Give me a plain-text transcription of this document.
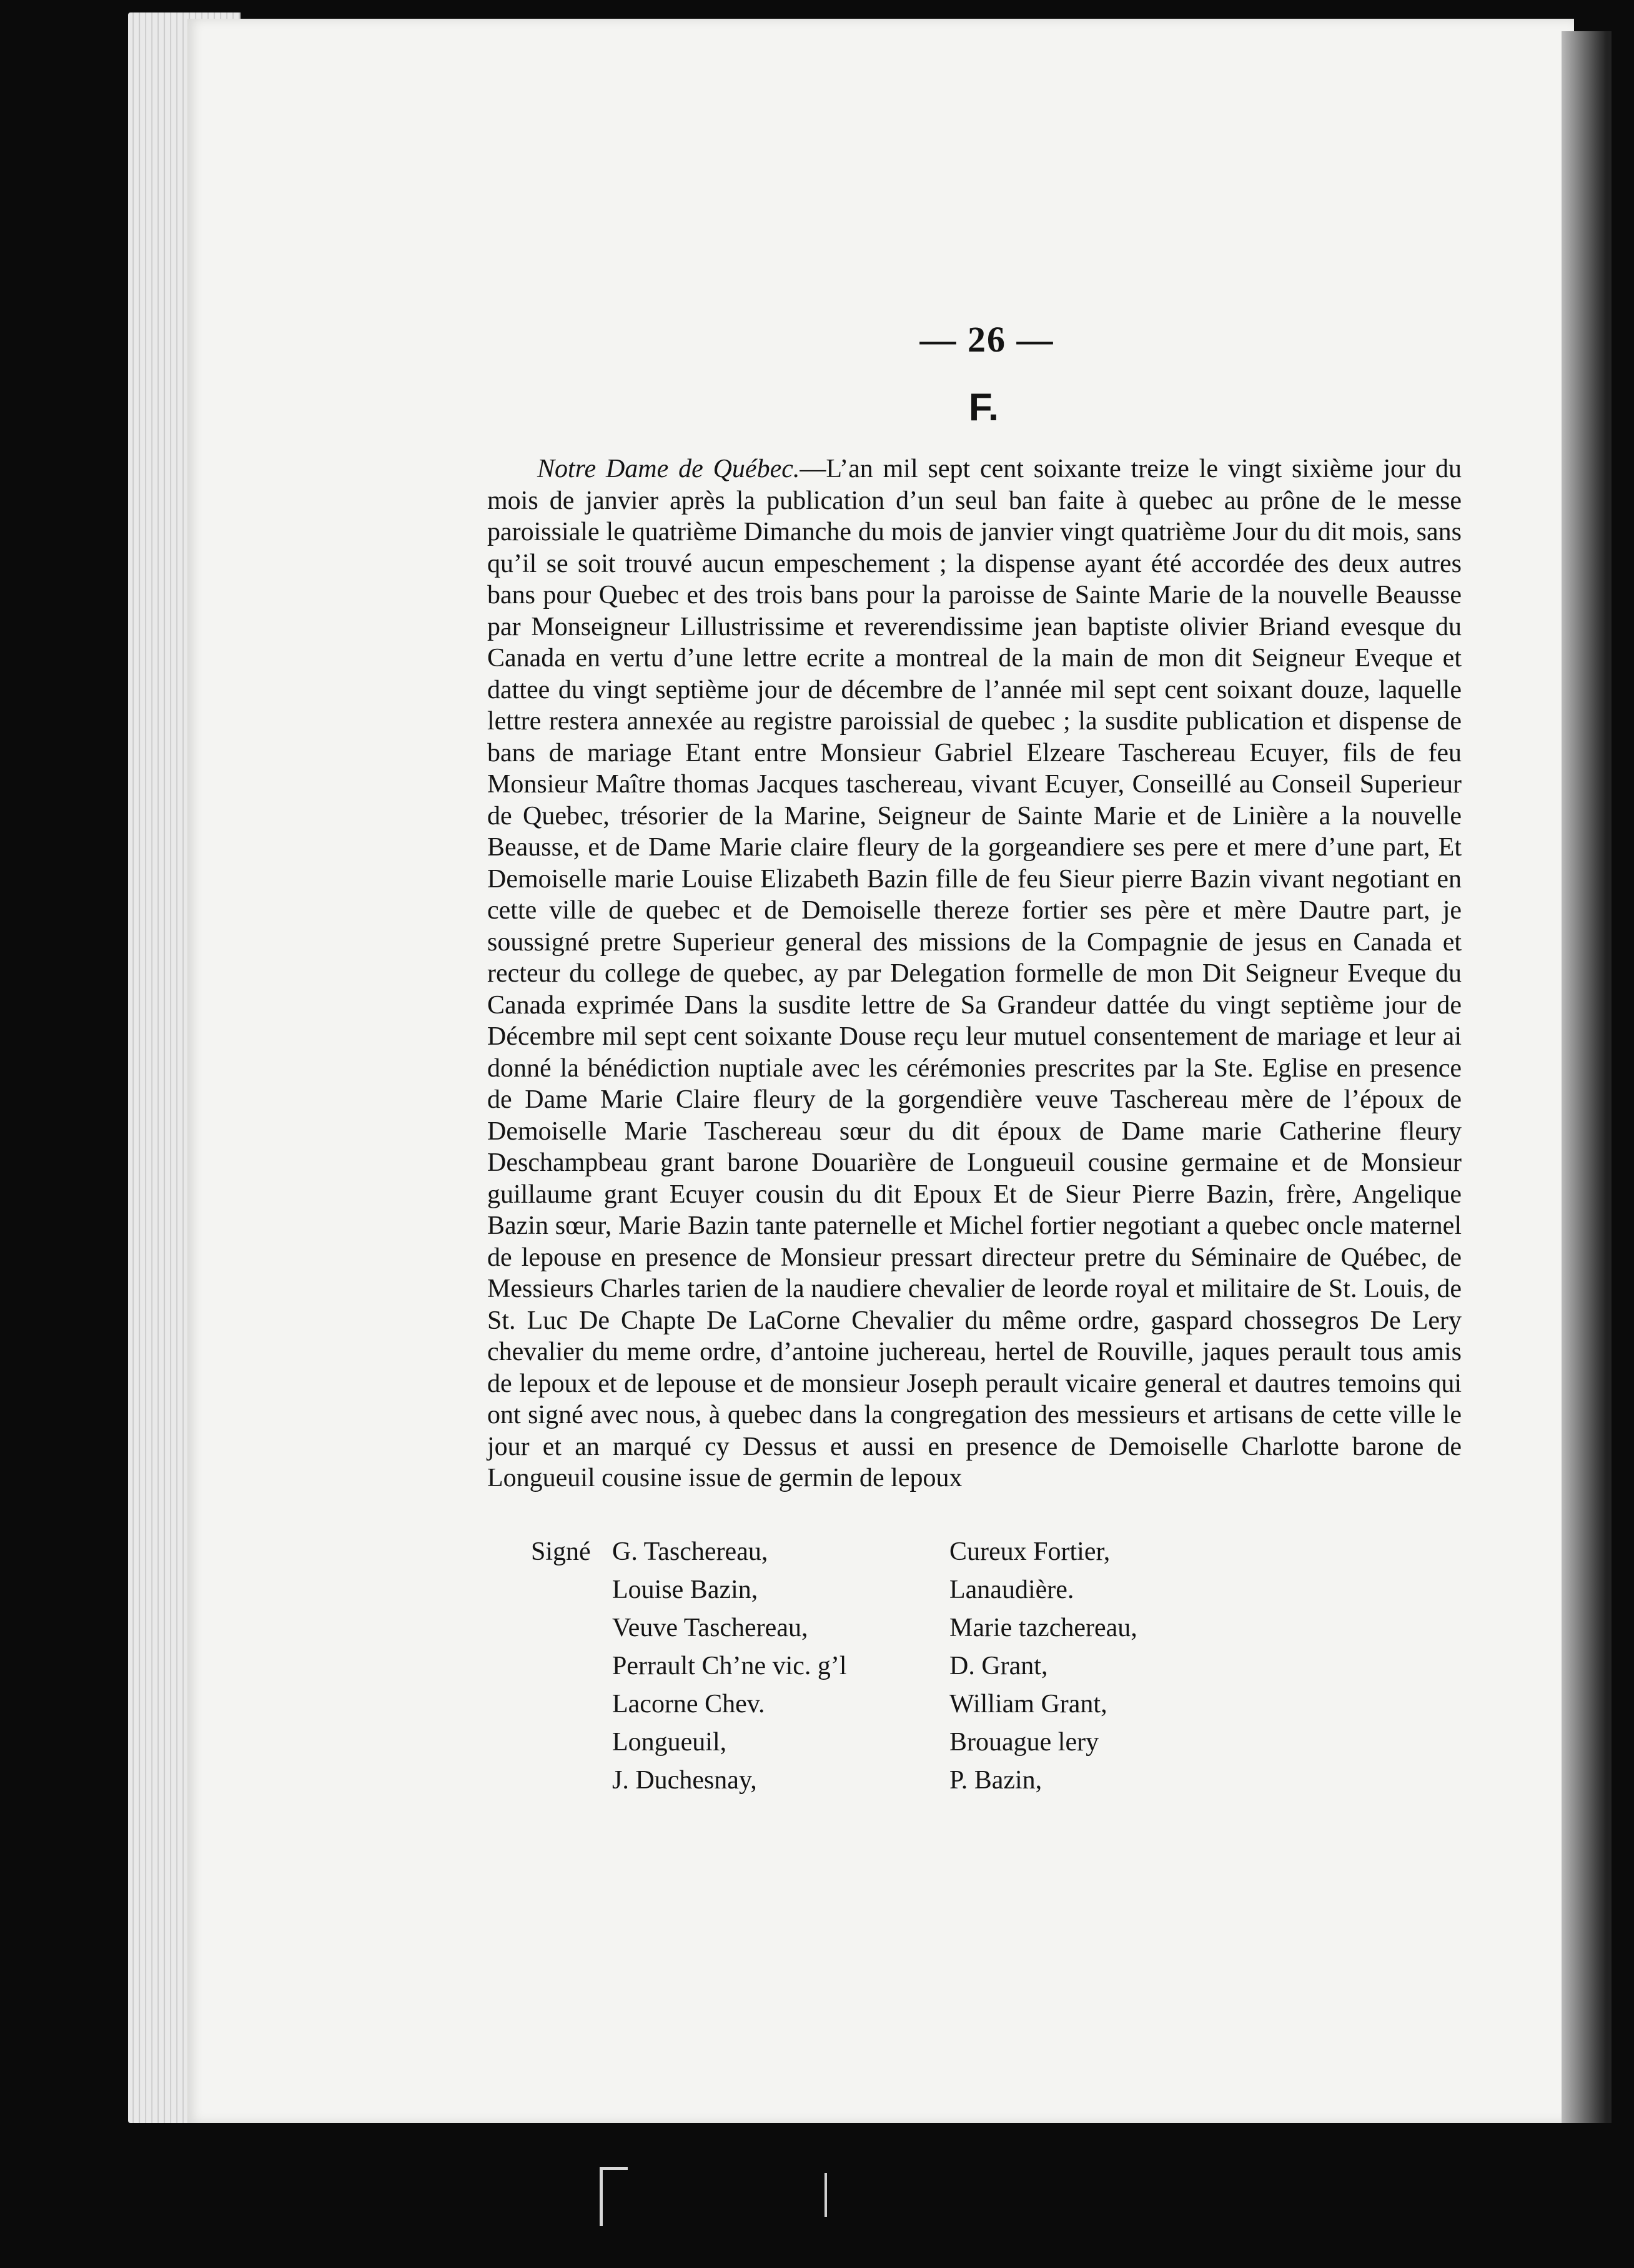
— 26 —
F.

Notre Dame de Québec.—L’an mil sept cent soixante treize le vingt sixième jour du mois de janvier après la publication d’un seul ban faite à quebec au prône de le messe paroissiale le quatrième Dimanche du mois de janvier vingt quatrième Jour du dit mois, sans qu’il se soit trouvé aucun empeschement ; la dispense ayant été accordée des deux autres bans pour Quebec et des trois bans pour la paroisse de Sainte Marie de la nouvelle Beausse par Monseigneur Lillustrissime et reverendissime jean baptiste olivier Briand evesque du Canada en vertu d’une lettre ecrite a montreal de la main de mon dit Seigneur Eveque et dattee du vingt septième jour de décembre de l’année mil sept cent soixant douze, laquelle lettre restera annexée au registre paroissial de quebec ; la susdite publication et dispense de bans de mariage Etant entre Monsieur Gabriel Elzeare Taschereau Ecuyer, fils de feu Monsieur Maître thomas Jacques taschereau, vivant Ecuyer, Conseillé au Conseil Superieur de Quebec, trésorier de la Marine, Seigneur de Sainte Marie et de Linière a la nouvelle Beausse, et de Dame Marie claire fleury de la gorgeandiere ses pere et mere d’une part, Et Demoiselle marie Louise Elizabeth Bazin fille de feu Sieur pierre Bazin vivant negotiant en cette ville de quebec et de Demoiselle thereze fortier ses père et mère Dautre part, je soussigné pretre Superieur general des missions de la Compagnie de jesus en Canada et recteur du college de quebec, ay par Delegation formelle de mon Dit Seigneur Eveque du Canada exprimée Dans la susdite lettre de Sa Grandeur dattée du vingt septième jour de Décembre mil sept cent soixante Douse reçu leur mutuel consentement de mariage et leur ai donné la bénédiction nuptiale avec les cérémonies prescrites par la Ste. Eglise en presence de Dame Marie Claire fleury de la gorgendière veuve Taschereau mère de l’époux de Demoiselle Marie Taschereau sœur du dit époux de Dame marie Catherine fleury Deschampbeau grant barone Douarière de Longueuil cousine germaine et de Monsieur guillaume grant Ecuyer cousin du dit Epoux Et de Sieur Pierre Bazin, frère, Angelique Bazin sœur, Marie Bazin tante paternelle et Michel fortier negotiant a quebec oncle maternel de lepouse en presence de Monsieur pressart directeur pretre du Séminaire de Québec, de Messieurs Charles tarien de la naudiere chevalier de leorde royal et militaire de St. Louis, de St. Luc De Chapte De LaCorne Chevalier du même ordre, gaspard chossegros De Lery chevalier du meme ordre, d’antoine juchereau, hertel de Rouville, jaques perault tous amis de lepoux et de lepouse et de monsieur Joseph perault vicaire general et dautres temoins qui ont signé avec nous, à quebec dans la congregation des messieurs et artisans de cette ville le jour et an marqué cy Dessus et aussi en presence de Demoiselle Charlotte barone de Longueuil cousine issue de germin de lepoux

Signé G. Taschereau,
Louise Bazin,
Veuve Taschereau,
Perrault Ch’ne vic. g’l
Lacorne Chev.
Longueuil,
J. Duchesnay,
Cureux Fortier,
Lanaudière.
Marie tazchereau,
D. Grant,
William Grant,
Brouague lery
P. Bazin,
